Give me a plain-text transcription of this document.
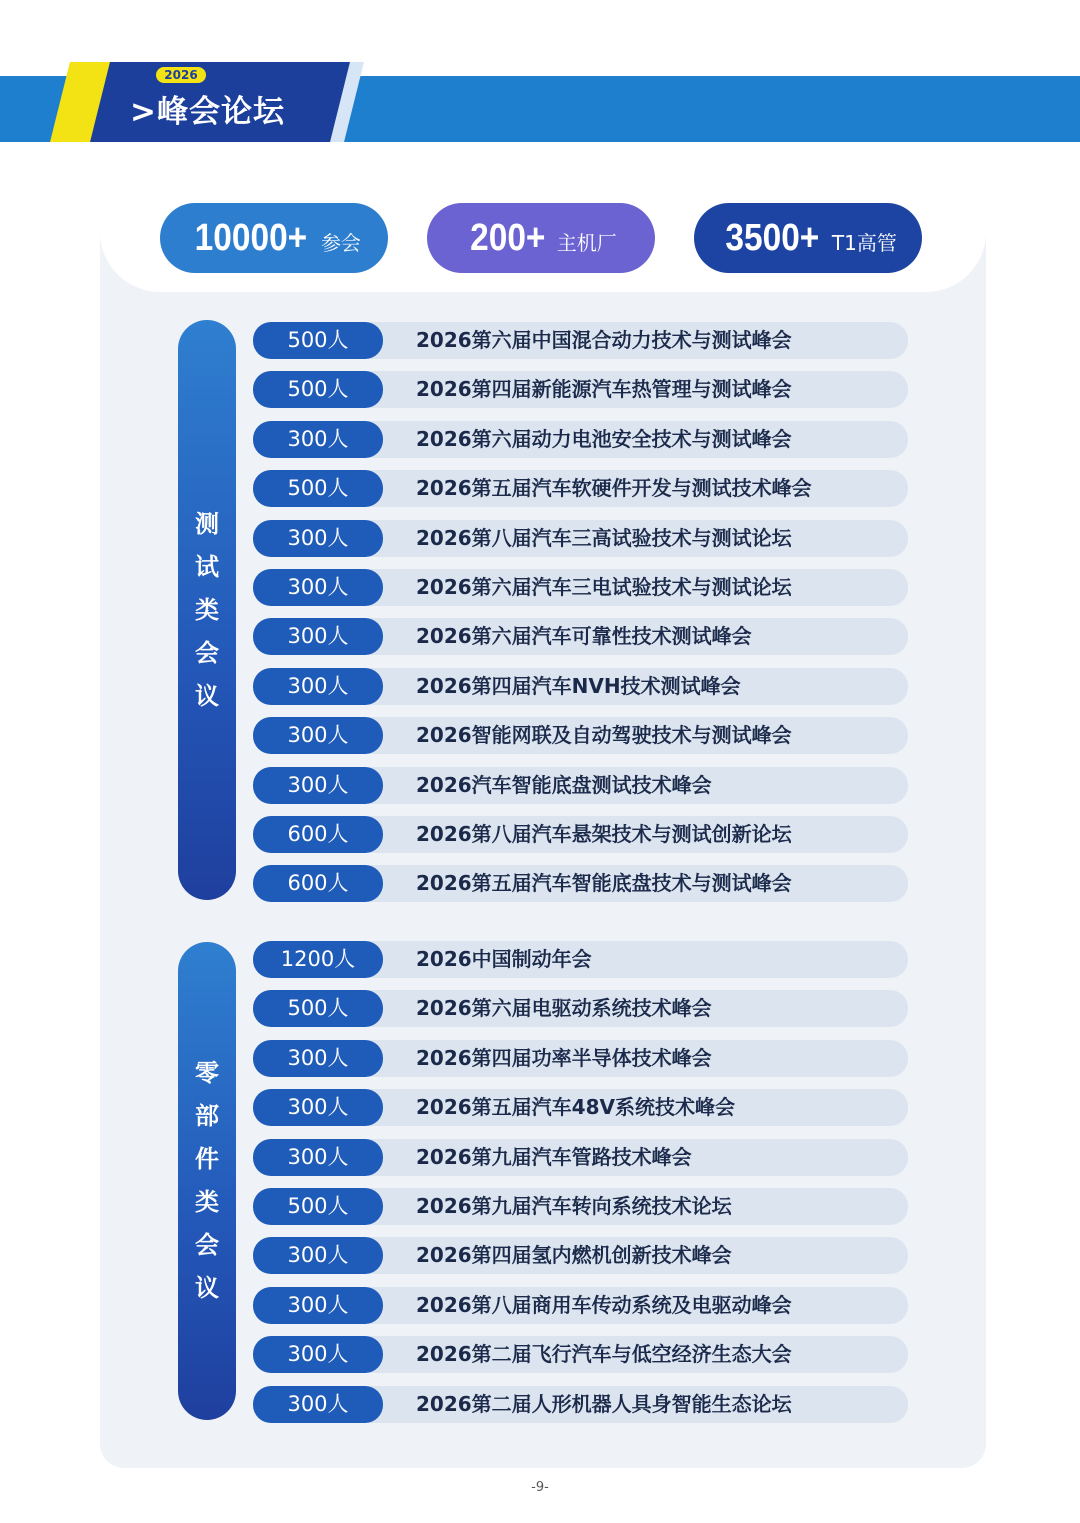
2026
>峰会论坛
10000+ 参会	200+ 主机厂	3500+ T1高管
测试类会议
零部件类会议
500人	2026第六届中国混合动力技术与测试峰会
500人	2026第四届新能源汽车热管理与测试峰会
300人	2026第六届动力电池安全技术与测试峰会
500人	2026第五届汽车软硬件开发与测试技术峰会
300人	2026第八届汽车三高试验技术与测试论坛
300人	2026第六届汽车三电试验技术与测试论坛
300人	2026第六届汽车可靠性技术测试峰会
300人	2026第四届汽车NVH技术测试峰会
300人	2026智能网联及自动驾驶技术与测试峰会
300人	2026汽车智能底盘测试技术峰会
600人	2026第八届汽车悬架技术与测试创新论坛
600人	2026第五届汽车智能底盘技术与测试峰会
1200人	2026中国制动年会
500人	2026第六届电驱动系统技术峰会
300人	2026第四届功率半导体技术峰会
300人	2026第五届汽车48V系统技术峰会
300人	2026第九届汽车管路技术峰会
500人	2026第九届汽车转向系统技术论坛
300人	2026第四届氢内燃机创新技术峰会
300人	2026第八届商用车传动系统及电驱动峰会
300人	2026第二届飞行汽车与低空经济生态大会
300人	2026第二届人形机器人具身智能生态论坛
-9-
